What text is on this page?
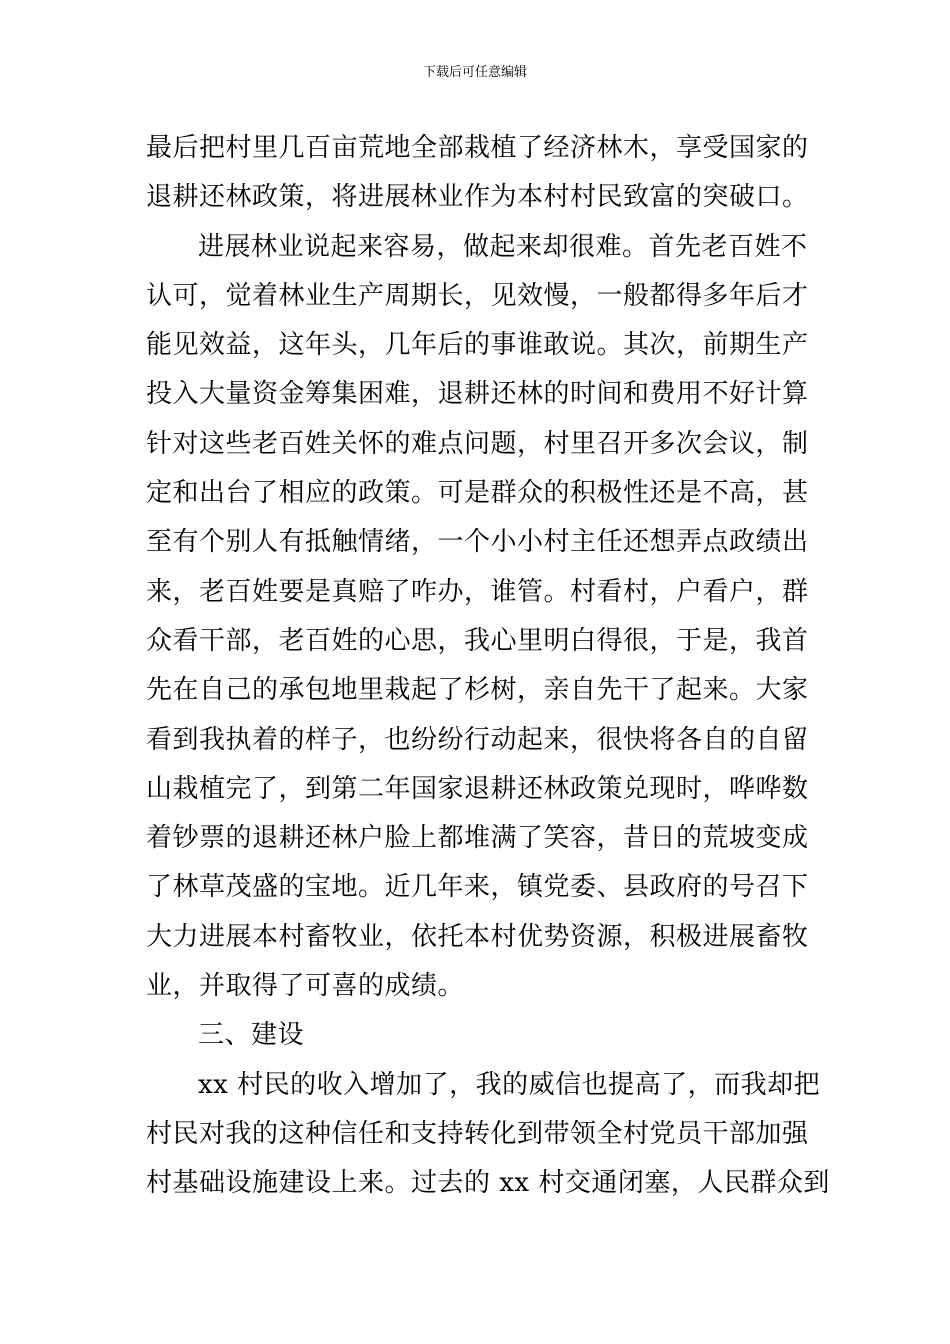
下载后可任意编辑
最后把村里几百亩荒地全部栽植了经济林木，享受国家的
退耕还林政策，将进展林业作为本村村民致富的突破口。
进展林业说起来容易，做起来却很难。首先老百姓不
认可，觉着林业生产周期长，见效慢，一般都得多年后才
能见效益，这年头，几年后的事谁敢说。其次，前期生产
投入大量资金筹集困难，退耕还林的时间和费用不好计算
针对这些老百姓关怀的难点问题，村里召开多次会议，制
定和出台了相应的政策。可是群众的积极性还是不高，甚
至有个别人有抵触情绪，一个小小村主任还想弄点政绩出
来，老百姓要是真赔了咋办，谁管。村看村，户看户，群
众看干部，老百姓的心思，我心里明白得很，于是，我首
先在自己的承包地里栽起了杉树，亲自先干了起来。大家
看到我执着的样子，也纷纷行动起来，很快将各自的自留
山栽植完了，到第二年国家退耕还林政策兑现时，哗哗数
着钞票的退耕还林户脸上都堆满了笑容，昔日的荒坡变成
了林草茂盛的宝地。近几年来，镇党委、县政府的号召下
大力进展本村畜牧业，依托本村优势资源，积极进展畜牧
业，并取得了可喜的成绩。
三、建设
xx 村民的收入增加了，我的威信也提高了，而我却把
村民对我的这种信任和支持转化到带领全村党员干部加强
村基础设施建设上来。过去的 xx 村交通闭塞，人民群众到
